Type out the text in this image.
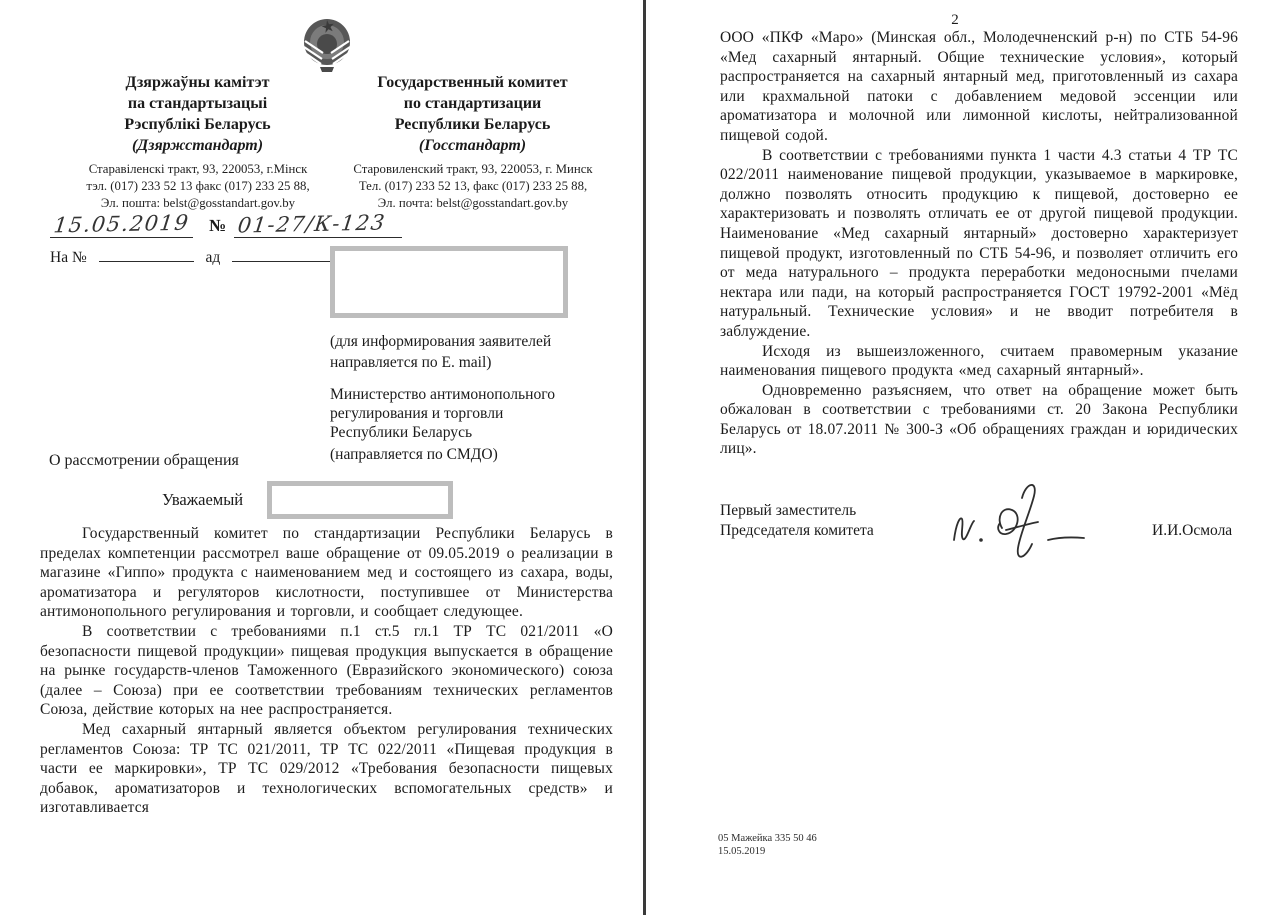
Дзяржаўны камітэт
па стандартызацыі
Рэспублікі Беларусь
(Дзяржстандарт)
Государственный комитет
по стандартизации
Республики Беларусь
(Госстандарт)
Старавіленскі тракт, 93, 220053, г.Мінск
тэл. (017) 233 52 13 факс (017) 233 25 88,
Эл. пошта: belst@gosstandart.gov.by
Старовиленский тракт, 93, 220053, г. Минск
Тел. (017) 233 52 13, факс (017) 233 25 88,
Эл. почта: belst@gosstandart.gov.by
15.05.2019 № 01-27/К-123
На №	ад
(для информирования заявителей
направляется по E. mail)
Министерство антимонопольного
регулирования и торговли
Республики Беларусь
(направляется по СМДО)
О рассмотрении обращения
Уважаемый

Государственный комитет по стандартизации Республики Беларусь в пределах компетенции рассмотрел ваше обращение от 09.05.2019 о реализации в магазине «Гиппо» продукта с наименованием мед и состоящего из сахара, воды, ароматизатора и регуляторов кислотности, поступившее от Министерства антимонопольного регулирования и торговли, и сообщает следующее.

В соответствии с требованиями п.1 ст.5 гл.1 ТР ТС 021/2011 «О безопасности пищевой продукции» пищевая продукция выпускается в обращение на рынке государств-членов Таможенного (Евразийского экономического) союза (далее – Союза) при ее соответствии требованиям технических регламентов Союза, действие которых на нее распространяется.

Мед сахарный янтарный является объектом регулирования технических регламентов Союза: ТР ТС 021/2011, ТР ТС 022/2011 «Пищевая продукция в части ее маркировки», ТР ТС 029/2012 «Требования безопасности пищевых добавок, ароматизаторов и технологических вспомогательных средств» и изготавливается

2

ООО «ПКФ «Маро» (Минская обл., Молодечненский р-н) по СТБ 54-96 «Мед сахарный янтарный. Общие технические условия», который распространяется на сахарный янтарный мед, приготовленный из сахара или крахмальной патоки с добавлением медовой эссенции или ароматизатора и молочной или лимонной кислоты, нейтрализованной пищевой содой.

В соответствии с требованиями пункта 1 части 4.3 статьи 4 ТР ТС 022/2011 наименование пищевой продукции, указываемое в маркировке, должно позволять относить продукцию к пищевой, достоверно ее характеризовать и позволять отличать ее от другой пищевой продукции. Наименование «Мед сахарный янтарный» достоверно характеризует пищевой продукт, изготовленный по СТБ 54-96, и позволяет отличить его от меда натурального – продукта переработки медоносными пчелами нектара или пади, на который распространяется ГОСТ 19792-2001 «Мёд натуральный. Технические условия» и не вводит потребителя в заблуждение.

Исходя из вышеизложенного, считаем правомерным указание наименования пищевого продукта «мед сахарный янтарный».

Одновременно разъясняем, что ответ на обращение может быть обжалован в соответствии с требованиями ст. 20 Закона Республики Беларусь от 18.07.2011 № 300-З «Об обращениях граждан и юридических лиц».

Первый заместитель
Председателя комитета	И.И.Осмола
05 Мажейка 335 50 46
15.05.2019
